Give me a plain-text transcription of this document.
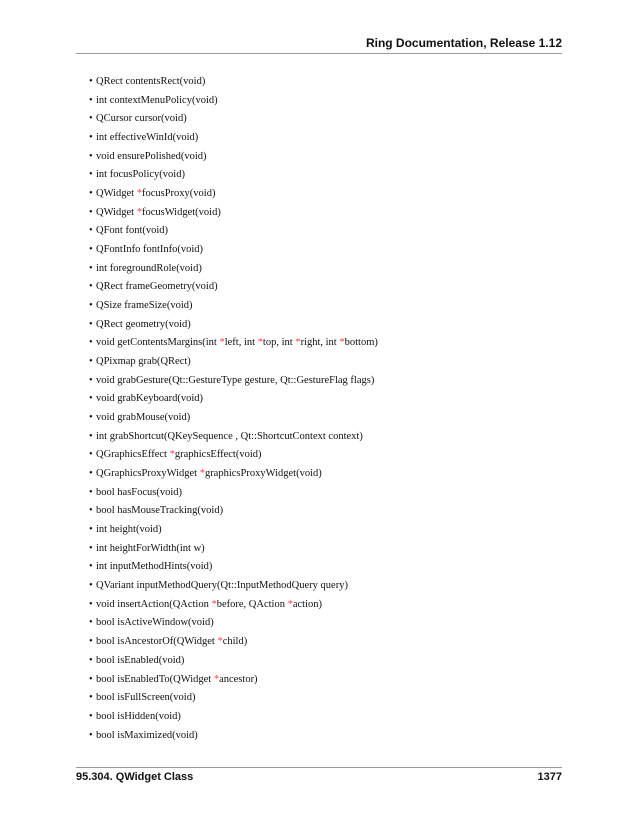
Ring Documentation, Release 1.12
• QRect contentsRect(void)
• int contextMenuPolicy(void)
• QCursor cursor(void)
• int effectiveWinId(void)
• void ensurePolished(void)
• int focusPolicy(void)
• QWidget *focusProxy(void)
• QWidget *focusWidget(void)
• QFont font(void)
• QFontInfo fontInfo(void)
• int foregroundRole(void)
• QRect frameGeometry(void)
• QSize frameSize(void)
• QRect geometry(void)
• void getContentsMargins(int *left, int *top, int *right, int *bottom)
• QPixmap grab(QRect)
• void grabGesture(Qt::GestureType gesture, Qt::GestureFlag flags)
• void grabKeyboard(void)
• void grabMouse(void)
• int grabShortcut(QKeySequence , Qt::ShortcutContext context)
• QGraphicsEffect *graphicsEffect(void)
• QGraphicsProxyWidget *graphicsProxyWidget(void)
• bool hasFocus(void)
• bool hasMouseTracking(void)
• int height(void)
• int heightForWidth(int w)
• int inputMethodHints(void)
• QVariant inputMethodQuery(Qt::InputMethodQuery query)
• void insertAction(QAction *before, QAction *action)
• bool isActiveWindow(void)
• bool isAncestorOf(QWidget *child)
• bool isEnabled(void)
• bool isEnabledTo(QWidget *ancestor)
• bool isFullScreen(void)
• bool isHidden(void)
• bool isMaximized(void)
95.304. QWidget Class	1377
